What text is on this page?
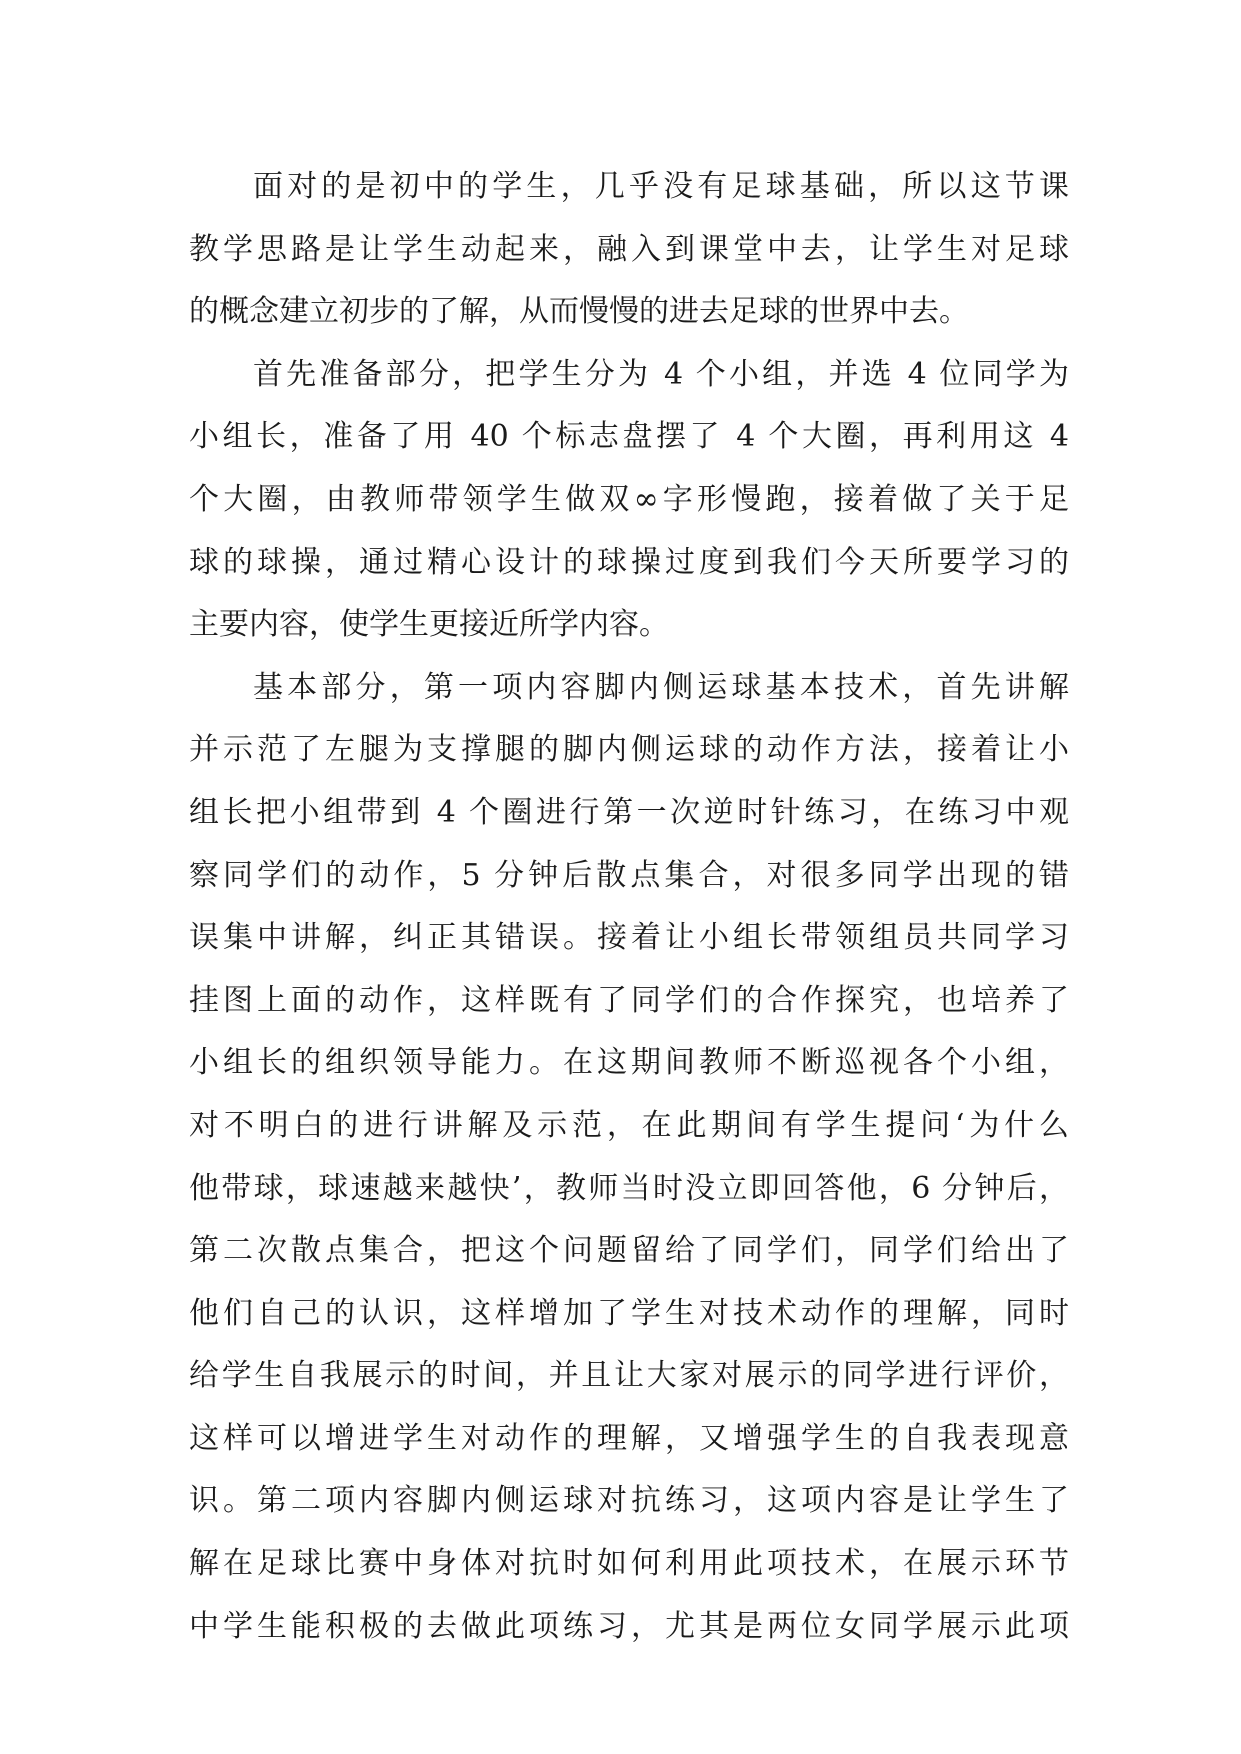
面对的是初中的学生，几乎没有足球基础，所以这节课
教学思路是让学生动起来，融入到课堂中去，让学生对足球
的概念建立初步的了解，从而慢慢的进去足球的世界中去。
首先准备部分，把学生分为 4 个小组，并选 4 位同学为
小组长，准备了用 40 个标志盘摆了 4 个大圈，再利用这 4
个大圈，由教师带领学生做双∞字形慢跑，接着做了关于足
球的球操，通过精心设计的球操过度到我们今天所要学习的
主要内容，使学生更接近所学内容。
基本部分，第一项内容脚内侧运球基本技术，首先讲解
并示范了左腿为支撑腿的脚内侧运球的动作方法，接着让小
组长把小组带到 4 个圈进行第一次逆时针练习，在练习中观
察同学们的动作，5 分钟后散点集合，对很多同学出现的错
误集中讲解，纠正其错误。接着让小组长带领组员共同学习
挂图上面的动作，这样既有了同学们的合作探究，也培养了
小组长的组织领导能力。在这期间教师不断巡视各个小组，
对不明白的进行讲解及示范，在此期间有学生提问‘为什么
他带球，球速越来越快’，教师当时没立即回答他，6 分钟后，
第二次散点集合，把这个问题留给了同学们，同学们给出了
他们自己的认识，这样增加了学生对技术动作的理解，同时
给学生自我展示的时间，并且让大家对展示的同学进行评价，
这样可以增进学生对动作的理解，又增强学生的自我表现意
识。第二项内容脚内侧运球对抗练习，这项内容是让学生了
解在足球比赛中身体对抗时如何利用此项技术，在展示环节
中学生能积极的去做此项练习，尤其是两位女同学展示此项
